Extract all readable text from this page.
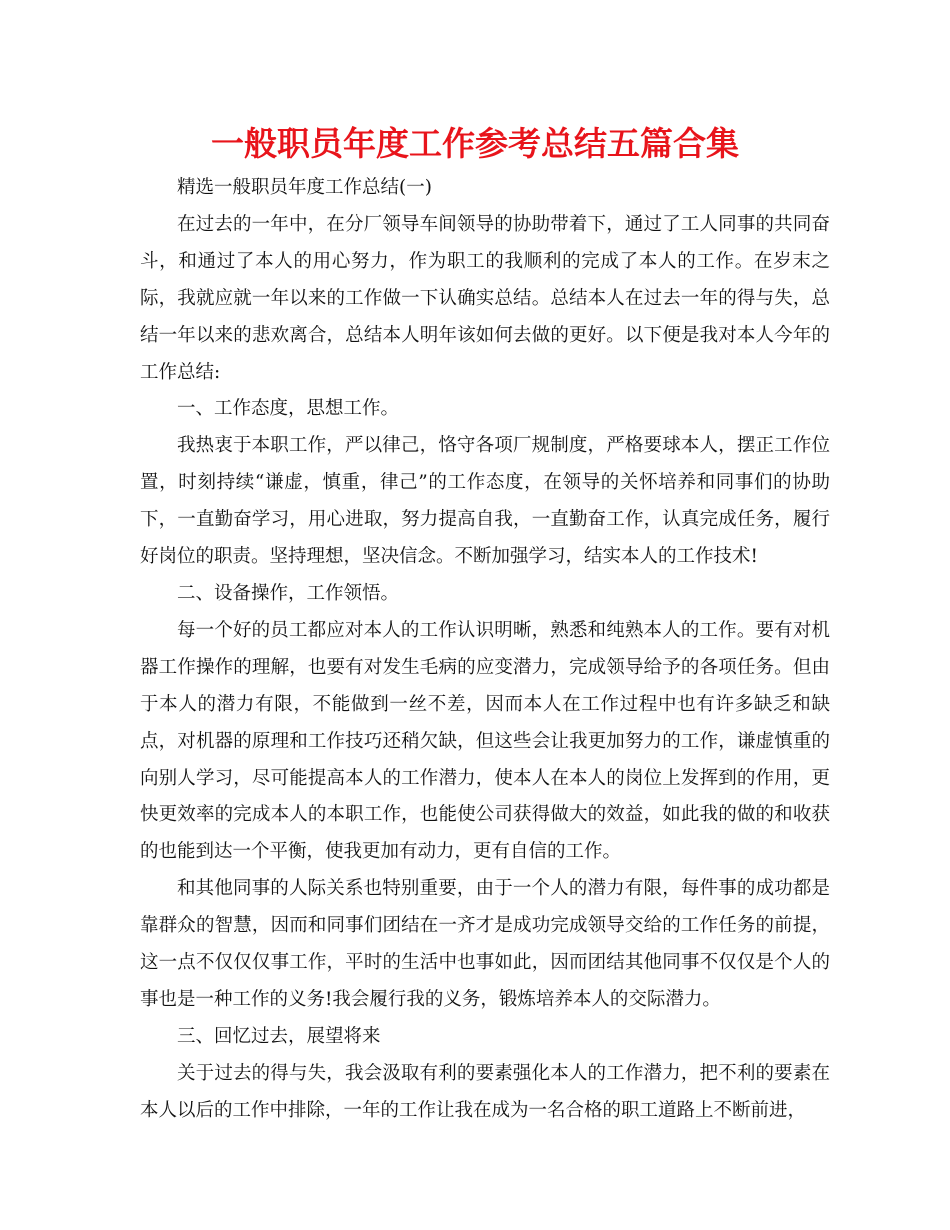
一般职员年度工作参考总结五篇合集

精选一般职员年度工作总结(一)

在过去的一年中，在分厂领导车间领导的协助带着下，通过了工人同事的共同奋斗，和通过了本人的用心努力，作为职工的我顺利的完成了本人的工作。在岁末之际，我就应就一年以来的工作做一下认确实总结。总结本人在过去一年的得与失，总结一年以来的悲欢离合，总结本人明年该如何去做的更好。以下便是我对本人今年的工作总结:

一、工作态度，思想工作。

我热衷于本职工作，严以律己，恪守各项厂规制度，严格要球本人，摆正工作位置，时刻持续“谦虚，慎重，律己”的工作态度，在领导的关怀培养和同事们的协助下，一直勤奋学习，用心进取，努力提高自我，一直勤奋工作，认真完成任务，履行好岗位的职责。坚持理想，坚决信念。不断加强学习，结实本人的工作技术!

二、设备操作，工作领悟。

每一个好的员工都应对本人的工作认识明晰，熟悉和纯熟本人的工作。要有对机器工作操作的理解，也要有对发生毛病的应变潜力，完成领导给予的各项任务。但由于本人的潜力有限，不能做到一丝不差，因而本人在工作过程中也有许多缺乏和缺点，对机器的原理和工作技巧还稍欠缺，但这些会让我更加努力的工作，谦虚慎重的向别人学习，尽可能提高本人的工作潜力，使本人在本人的岗位上发挥到的作用，更快更效率的完成本人的本职工作，也能使公司获得做大的效益，如此我的做的和收获的也能到达一个平衡，使我更加有动力，更有自信的工作。

和其他同事的人际关系也特别重要，由于一个人的潜力有限，每件事的成功都是靠群众的智慧，因而和同事们团结在一齐才是成功完成领导交给的工作任务的前提，这一点不仅仅仅事工作，平时的生活中也事如此，因而团结其他同事不仅仅是个人的事也是一种工作的义务!我会履行我的义务，锻炼培养本人的交际潜力。

三、回忆过去，展望将来

关于过去的得与失，我会汲取有利的要素强化本人的工作潜力，把不利的要素在本人以后的工作中排除，一年的工作让我在成为一名合格的职工道路上不断前进，
